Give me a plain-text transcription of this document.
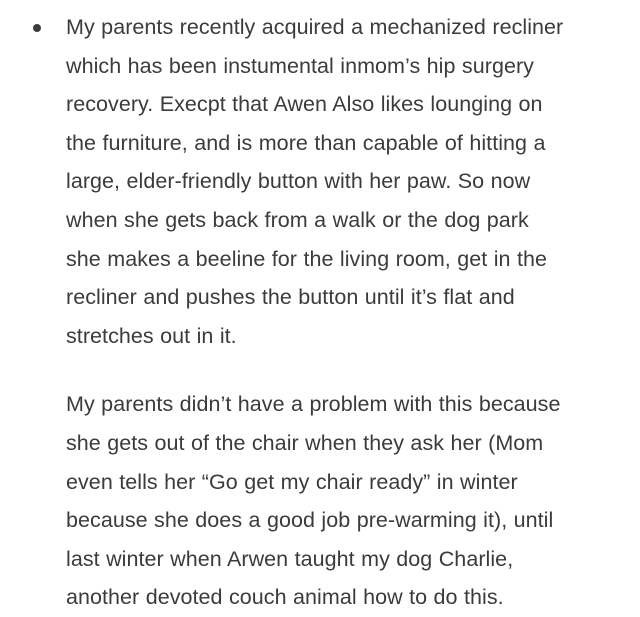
My parents recently acquired a mechanized recliner
which has been instumental inmom’s hip surgery
recovery. Execpt that Awen Also likes lounging on
the furniture, and is more than capable of hitting a
large, elder-friendly button with her paw. So now
when she gets back from a walk or the dog park
she makes a beeline for the living room, get in the
recliner and pushes the button until it’s flat and
stretches out in it.

My parents didn’t have a problem with this because
she gets out of the chair when they ask her (Mom
even tells her “Go get my chair ready” in winter
because she does a good job pre-warming it), until
last winter when Arwen taught my dog Charlie,
another devoted couch animal how to do this.
